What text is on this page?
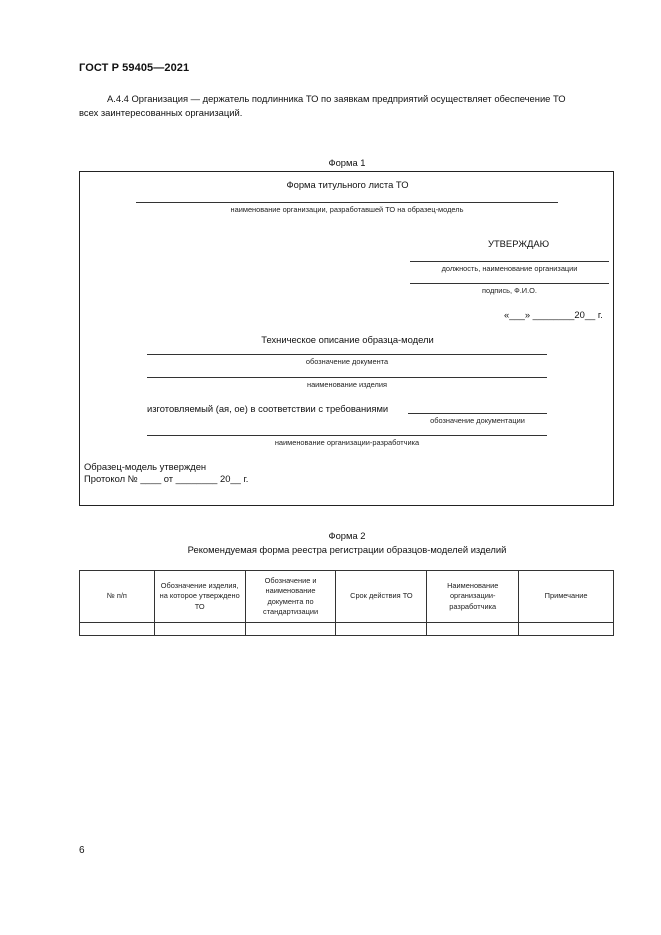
ГОСТ Р 59405—2021
А.4.4 Организация — держатель подлинника ТО по заявкам предприятий осуществляет обеспечение ТО
всех заинтересованных организаций.
Форма 1
Форма титульного листа ТО
наименование организации, разработавшей ТО на образец-модель
УТВЕРЖДАЮ
должность, наименование организации
подпись, Ф.И.О.
«___» ________20__ г.
Техническое описание образца-модели
обозначение документа
наименование изделия
изготовляемый (ая, ое) в соответствии с требованиями
обозначение документации
наименование организации-разработчика
Образец-модель утвержден
Протокол № ____ от ________ 20__ г.
Форма 2
Рекомендуемая форма реестра регистрации образцов-моделей изделий
№ п/п	Обозначение изделия, на которое утверждено ТО	Обозначение и наименование документа по стандартизации	Срок действия ТО	Наименование организации-разработчика	Примечание

6
